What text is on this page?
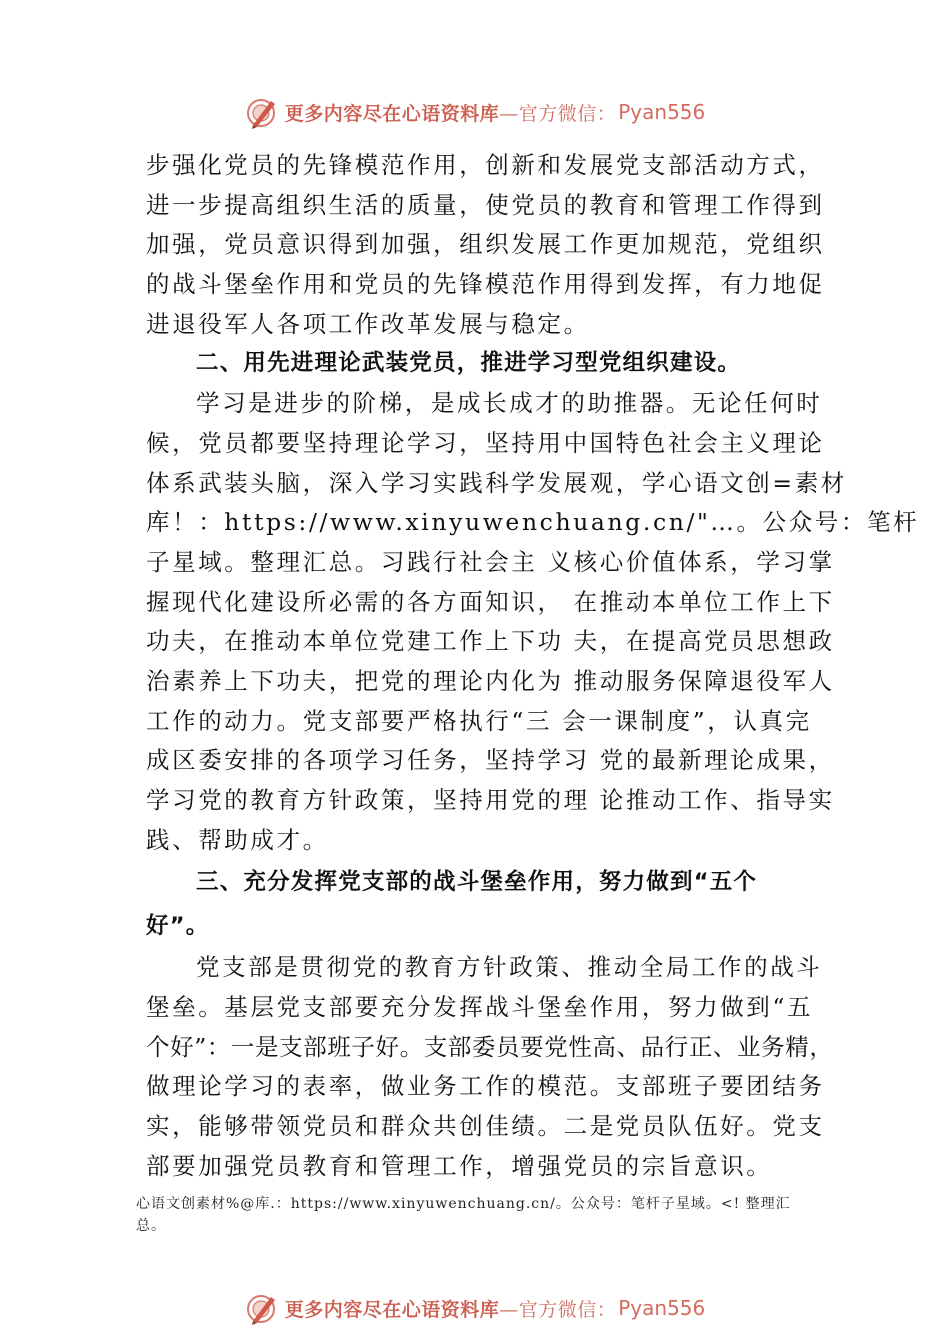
更多内容尽在心语资料库—官方微信： Pyan556
步强化党员的先锋模范作用，创新和发展党支部活动方式，
进一步提高组织生活的质量，使党员的教育和管理工作得到
加强，党员意识得到加强，组织发展工作更加规范，党组织
的战斗堡垒作用和党员的先锋模范作用得到发挥，有力地促
进退役军人各项工作改革发展与稳定。
二、用先进理论武装党员，推进学习型党组织建设。
学习是进步的阶梯，是成长成才的助推器。无论任何时
候，党员都要坚持理论学习，坚持用中国特色社会主义理论
体系武装头脑，深入学习实践科学发展观，学心语文创=素材
库！：https://www.xinyuwenchuang.cn/"…。公众号：笔杆
子星域。整理汇总。习践行社会主 义核心价值体系，学习掌
握现代化建设所必需的各方面知识， 在推动本单位工作上下
功夫，在推动本单位党建工作上下功 夫，在提高党员思想政
治素养上下功夫，把党的理论内化为 推动服务保障退役军人
工作的动力。党支部要严格执行“三 会一课制度”，认真完
成区委安排的各项学习任务，坚持学习 党的最新理论成果，
学习党的教育方针政策，坚持用党的理 论推动工作、指导实
践、帮助成才。
三、充分发挥党支部的战斗堡垒作用，努力做到“五个
好”。
党支部是贯彻党的教育方针政策、推动全局工作的战斗
堡垒。基层党支部要充分发挥战斗堡垒作用，努力做到“五
个好”：一是支部班子好。支部委员要党性高、品行正、业务精，
做理论学习的表率，做业务工作的模范。支部班子要团结务
实，能够带领党员和群众共创佳绩。二是党员队伍好。党支
部要加强党员教育和管理工作，增强党员的宗旨意识。
心语文创素材%@库.：https://www.xinyuwenchuang.cn/。公众号：笔杆子星域。<! 整理汇
总。
更多内容尽在心语资料库—官方微信： Pyan556
